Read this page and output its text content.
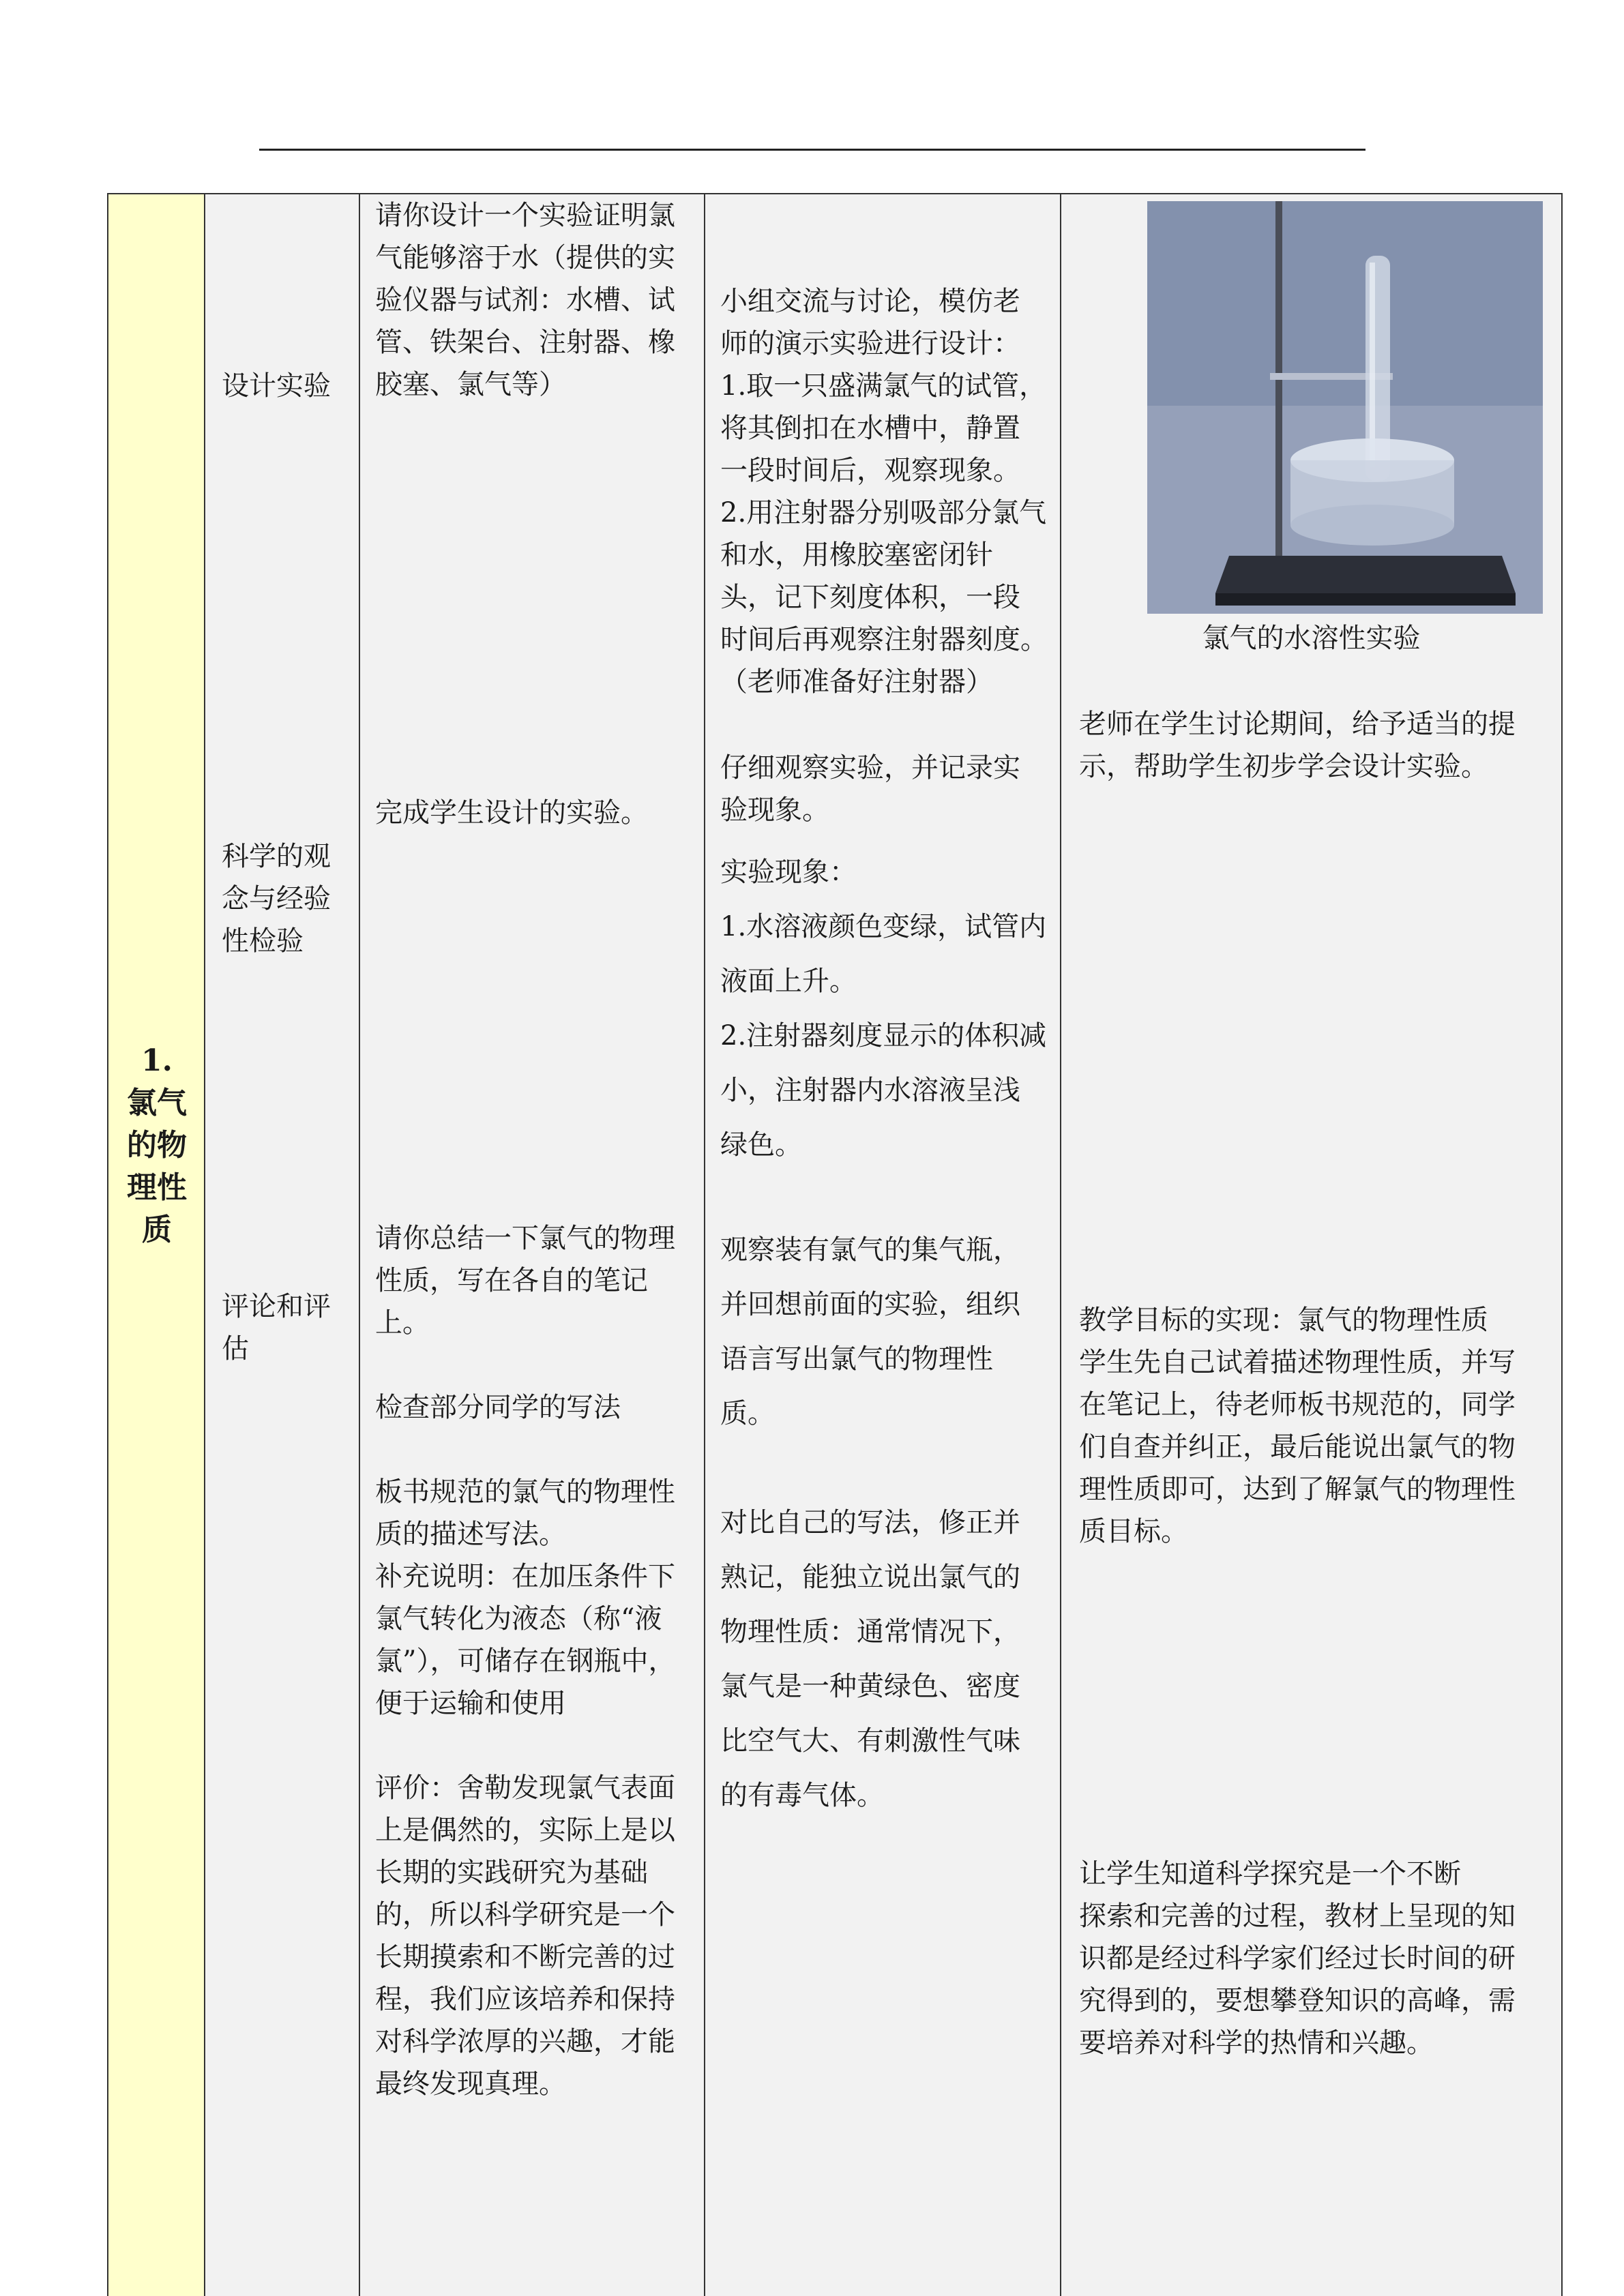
1.
氯气
的物
理性
质
设计实验
科学的观
念与经验
性检验
评论和评
估
请你设计一个实验证明氯
气能够溶于水（提供的实
验仪器与试剂：水槽、试
管、铁架台、注射器、橡
胶塞、氯气等）
完成学生设计的实验。
请你总结一下氯气的物理
性质，写在各自的笔记
上。
检查部分同学的写法
板书规范的氯气的物理性
质的描述写法。
补充说明：在加压条件下
氯气转化为液态（称“液
氯”），可储存在钢瓶中，
便于运输和使用
评价：舍勒发现氯气表面
上是偶然的，实际上是以
长期的实践研究为基础
的，所以科学研究是一个
长期摸索和不断完善的过
程，我们应该培养和保持
对科学浓厚的兴趣，才能
最终发现真理。
小组交流与讨论，模仿老
师的演示实验进行设计：
1.取一只盛满氯气的试管，
将其倒扣在水槽中，静置
一段时间后，观察现象。
2.用注射器分别吸部分氯气
和水，用橡胶塞密闭针
头，记下刻度体积，一段
时间后再观察注射器刻度。
（老师准备好注射器）
仔细观察实验，并记录实
验现象。
实验现象：
1.水溶液颜色变绿，试管内
液面上升。
2.注射器刻度显示的体积减
小，注射器内水溶液呈浅
绿色。
观察装有氯气的集气瓶，
并回想前面的实验，组织
语言写出氯气的物理性
质。
对比自己的写法，修正并
熟记，能独立说出氯气的
物理性质：通常情况下，
氯气是一种黄绿色、密度
比空气大、有刺激性气味
的有毒气体。
氯气的水溶性实验
老师在学生讨论期间，给予适当的提
示，帮助学生初步学会设计实验。
教学目标的实现：氯气的物理性质
学生先自己试着描述物理性质，并写
在笔记上，待老师板书规范的，同学
们自查并纠正，最后能说出氯气的物
理性质即可，达到了解氯气的物理性
质目标。
让学生知道科学探究是一个不断
探索和完善的过程，教材上呈现的知
识都是经过科学家们经过长时间的研
究得到的，要想攀登知识的高峰，需
要培养对科学的热情和兴趣。
